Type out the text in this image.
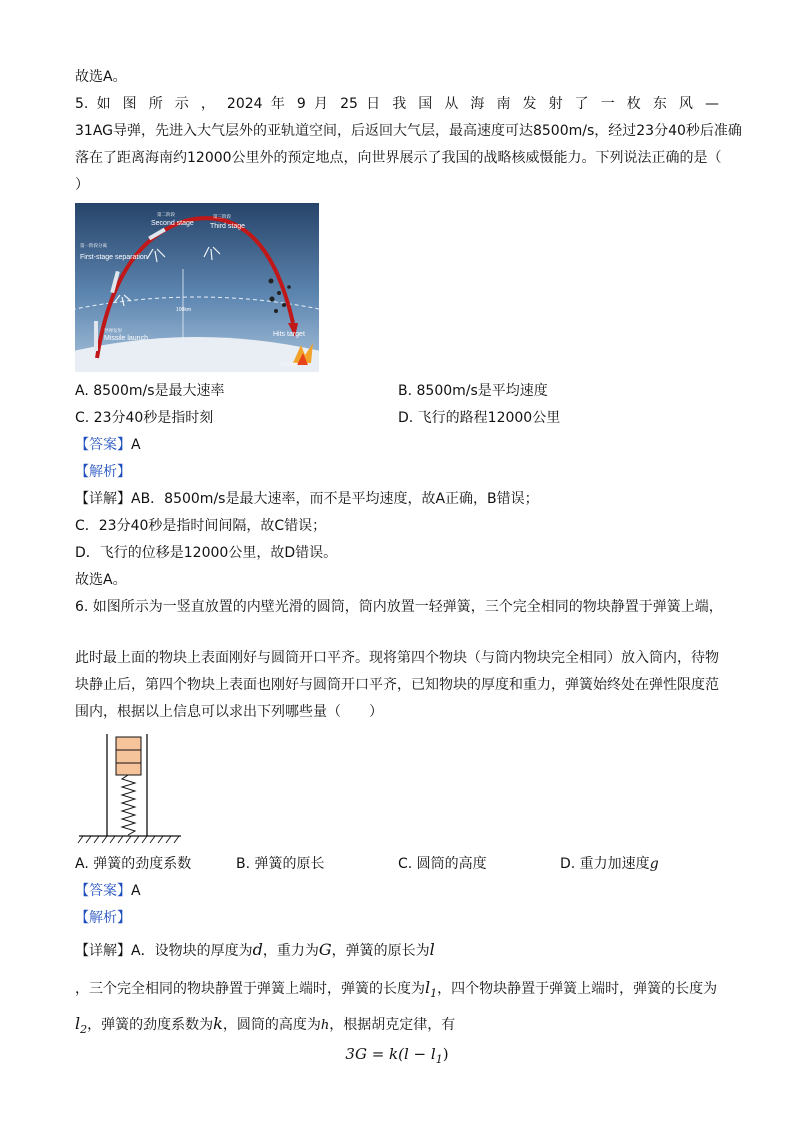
故选A。
5. 如 图 所 示 ， 2024 年 9 月 25 日 我 国 从 海 南 发 射 了 一 枚 东 风 —
31AG导弹，先进入大气层外的亚轨道空间，后返回大气层，最高速度可达8500m/s，经过23分40秒后准确
落在了距离海南约12000公里外的预定地点，向世界展示了我国的战略核威慑能力。下列说法正确的是（
）
100km
第一阶段分离
First-stage separation
第二阶段
Second stage
第三阶段
Third stage
导弹发射
Missile launch
Hits target
打击目标
A. 8500m/s是最大速率	B. 8500m/s是平均速度
C. 23分40秒是指时刻	D. 飞行的路程12000公里
【答案】A
【解析】
【详解】AB．8500m/s是最大速率，而不是平均速度，故A正确，B错误；
C．23分40秒是指时间间隔，故C错误；
D．飞行的位移是12000公里，故D错误。
故选A。
6. 如图所示为一竖直放置的内壁光滑的圆筒，筒内放置一轻弹簧，三个完全相同的物块静置于弹簧上端，
此时最上面的物块上表面刚好与圆筒开口平齐。现将第四个物块（与筒内物块完全相同）放入筒内，待物
块静止后，第四个物块上表面也刚好与圆筒开口平齐，已知物块的厚度和重力，弹簧始终处在弹性限度范
围内，根据以上信息可以求出下列哪些量（　　）
A. 弹簧的劲度系数	B. 弹簧的原长	C. 圆筒的高度	D. 重力加速度g
【答案】A
【解析】
【详解】A．设物块的厚度为d，重力为G，弹簧的原长为l
，三个完全相同的物块静置于弹簧上端时，弹簧的长度为$l_1$，四个物块静置于弹簧上端时，弹簧的长度为
$l_2$，弹簧的劲度系数为k，圆筒的高度为h，根据胡克定律，有
$3G = k(l - l_1)$
